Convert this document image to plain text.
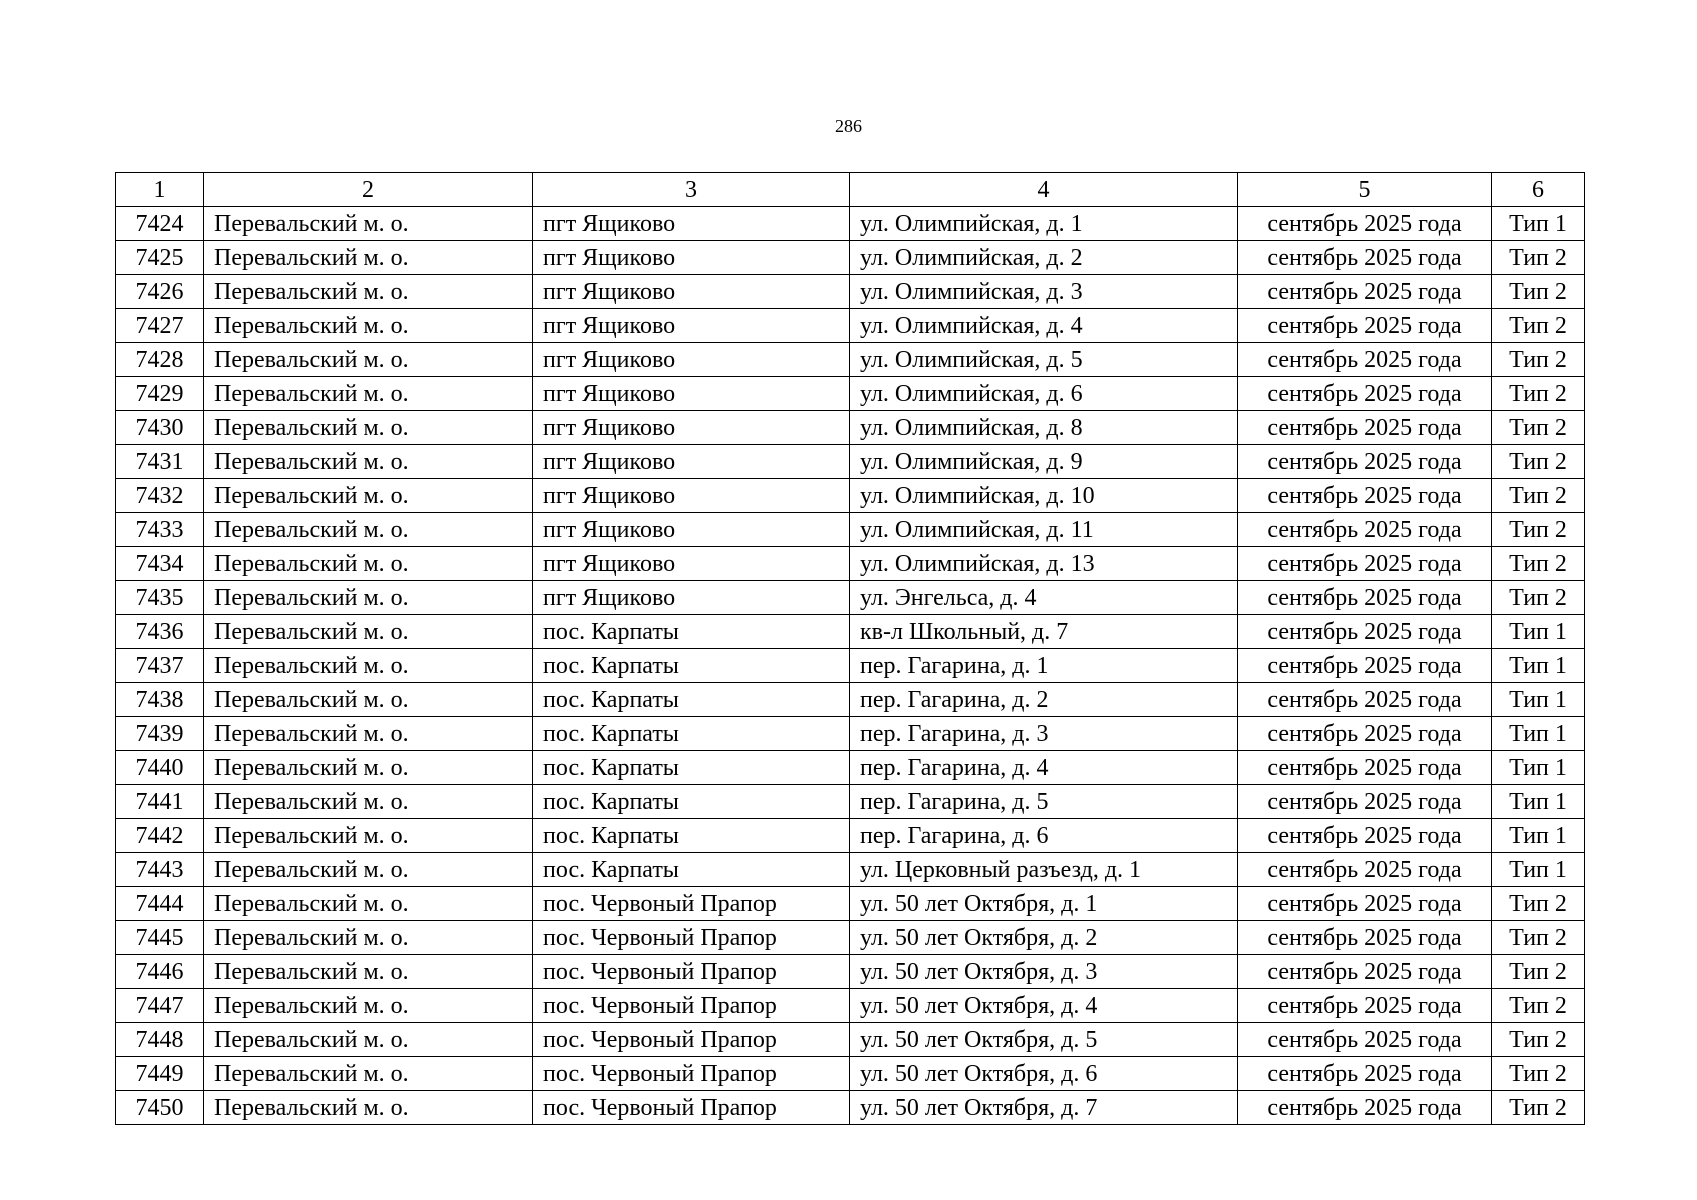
286
1	2	3	4	5	6
7424	Перевальский м. о.	пгт Ящиково	ул. Олимпийская, д. 1	сентябрь 2025 года	Тип 1
7425	Перевальский м. о.	пгт Ящиково	ул. Олимпийская, д. 2	сентябрь 2025 года	Тип 2
7426	Перевальский м. о.	пгт Ящиково	ул. Олимпийская, д. 3	сентябрь 2025 года	Тип 2
7427	Перевальский м. о.	пгт Ящиково	ул. Олимпийская, д. 4	сентябрь 2025 года	Тип 2
7428	Перевальский м. о.	пгт Ящиково	ул. Олимпийская, д. 5	сентябрь 2025 года	Тип 2
7429	Перевальский м. о.	пгт Ящиково	ул. Олимпийская, д. 6	сентябрь 2025 года	Тип 2
7430	Перевальский м. о.	пгт Ящиково	ул. Олимпийская, д. 8	сентябрь 2025 года	Тип 2
7431	Перевальский м. о.	пгт Ящиково	ул. Олимпийская, д. 9	сентябрь 2025 года	Тип 2
7432	Перевальский м. о.	пгт Ящиково	ул. Олимпийская, д. 10	сентябрь 2025 года	Тип 2
7433	Перевальский м. о.	пгт Ящиково	ул. Олимпийская, д. 11	сентябрь 2025 года	Тип 2
7434	Перевальский м. о.	пгт Ящиково	ул. Олимпийская, д. 13	сентябрь 2025 года	Тип 2
7435	Перевальский м. о.	пгт Ящиково	ул. Энгельса, д. 4	сентябрь 2025 года	Тип 2
7436	Перевальский м. о.	пос. Карпаты	кв-л Школьный, д. 7	сентябрь 2025 года	Тип 1
7437	Перевальский м. о.	пос. Карпаты	пер. Гагарина, д. 1	сентябрь 2025 года	Тип 1
7438	Перевальский м. о.	пос. Карпаты	пер. Гагарина, д. 2	сентябрь 2025 года	Тип 1
7439	Перевальский м. о.	пос. Карпаты	пер. Гагарина, д. 3	сентябрь 2025 года	Тип 1
7440	Перевальский м. о.	пос. Карпаты	пер. Гагарина, д. 4	сентябрь 2025 года	Тип 1
7441	Перевальский м. о.	пос. Карпаты	пер. Гагарина, д. 5	сентябрь 2025 года	Тип 1
7442	Перевальский м. о.	пос. Карпаты	пер. Гагарина, д. 6	сентябрь 2025 года	Тип 1
7443	Перевальский м. о.	пос. Карпаты	ул. Церковный разъезд, д. 1	сентябрь 2025 года	Тип 1
7444	Перевальский м. о.	пос. Червоный Прапор	ул. 50 лет Октября, д. 1	сентябрь 2025 года	Тип 2
7445	Перевальский м. о.	пос. Червоный Прапор	ул. 50 лет Октября, д. 2	сентябрь 2025 года	Тип 2
7446	Перевальский м. о.	пос. Червоный Прапор	ул. 50 лет Октября, д. 3	сентябрь 2025 года	Тип 2
7447	Перевальский м. о.	пос. Червоный Прапор	ул. 50 лет Октября, д. 4	сентябрь 2025 года	Тип 2
7448	Перевальский м. о.	пос. Червоный Прапор	ул. 50 лет Октября, д. 5	сентябрь 2025 года	Тип 2
7449	Перевальский м. о.	пос. Червоный Прапор	ул. 50 лет Октября, д. 6	сентябрь 2025 года	Тип 2
7450	Перевальский м. о.	пос. Червоный Прапор	ул. 50 лет Октября, д. 7	сентябрь 2025 года	Тип 2
